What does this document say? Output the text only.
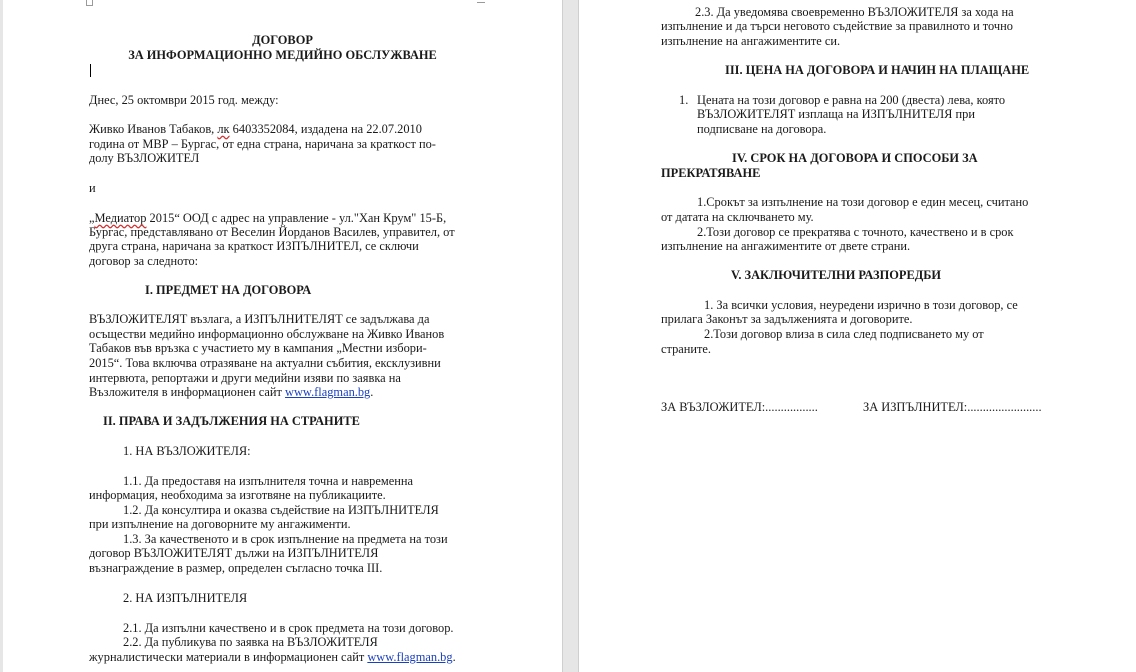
ДОГОВОР
ЗА ИНФОРМАЦИОННО МЕДИЙНО ОБСЛУЖВАНЕ
Днес, 25 октомври 2015 год. между:
Живко Иванов Табаков, лк 6403352084, издадена на 22.07.2010
година от МВР – Бургас, от една страна, наричана за краткост по-
долу ВЪЗЛОЖИТЕЛ
и
„Медиатор 2015“ ООД с адрес на управление - ул."Хан Крум" 15-Б,
Бургас, представлявано от Веселин Йорданов Василев, управител, от
друга страна, наричана за краткост ИЗПЪЛНИТЕЛ, се сключи
договор за следното:
I. ПРЕДМЕТ НА ДОГОВОРА
ВЪЗЛОЖИТЕЛЯТ възлага, а ИЗПЪЛНИТЕЛЯТ се задължава да
осъществи медийно информационно обслужване на Живко Иванов
Табаков във връзка с участието му в кампания „Местни избори-
2015“. Това включва отразяване на актуални събития, ексклузивни
интервюта, репортажи и други медийни изяви по заявка на
Възложителя в информационен сайт www.flagman.bg.
II. ПРАВА И ЗАДЪЛЖЕНИЯ НА СТРАНИТЕ
1. НА ВЪЗЛОЖИТЕЛЯ:
1.1. Да предоставя на изпълнителя точна и навременна
информация, необходима за изготвяне на публикациите.
1.2. Да консултира и оказва съдействие на ИЗПЪЛНИТЕЛЯ
при изпълнение на договорните му ангажименти.
1.3. За качественото и в срок изпълнение на предмета на този
договор ВЪЗЛОЖИТЕЛЯТ дължи на ИЗПЪЛНИТЕЛЯ
възнаграждение в размер, определен съгласно точка III.
2. НА ИЗПЪЛНИТЕЛЯ
2.1. Да изпълни качествено и в срок предмета на този договор.
2.2. Да публикува по заявка на ВЪЗЛОЖИТЕЛЯ
журналистически материали в информационен сайт www.flagman.bg.
2.3. Да уведомява своевременно ВЪЗЛОЖИТЕЛЯ за хода на
изпълнение и да търси неговото съдействие за правилното и точно
изпълнение на ангажиментите си.
III. ЦЕНА НА ДОГОВОРА И НАЧИН НА ПЛАЩАНЕ
1. Цената на този договор е равна на 200 (двеста) лева, която
ВЪЗЛОЖИТЕЛЯТ изплаща на ИЗПЪЛНИТЕЛЯ при
подписване на договора.
IV. СРОК НА ДОГОВОРА И СПОСОБИ ЗА
ПРЕКРАТЯВАНЕ
1.Срокът за изпълнение на този договор е един месец, считано
от датата на сключването му.
2.Този договор се прекратява с точното, качествено и в срок
изпълнение на ангажиментите от двете страни.
V. ЗАКЛЮЧИТЕЛНИ РАЗПОРЕДБИ
1. За всички условия, неуредени изрично в този договор, се
прилага Законът за задълженията и договорите.
2.Този договор влиза в сила след подписването му от
страните.
ЗА ВЪЗЛОЖИТЕЛ:.................	ЗА ИЗПЪЛНИТЕЛ:........................
